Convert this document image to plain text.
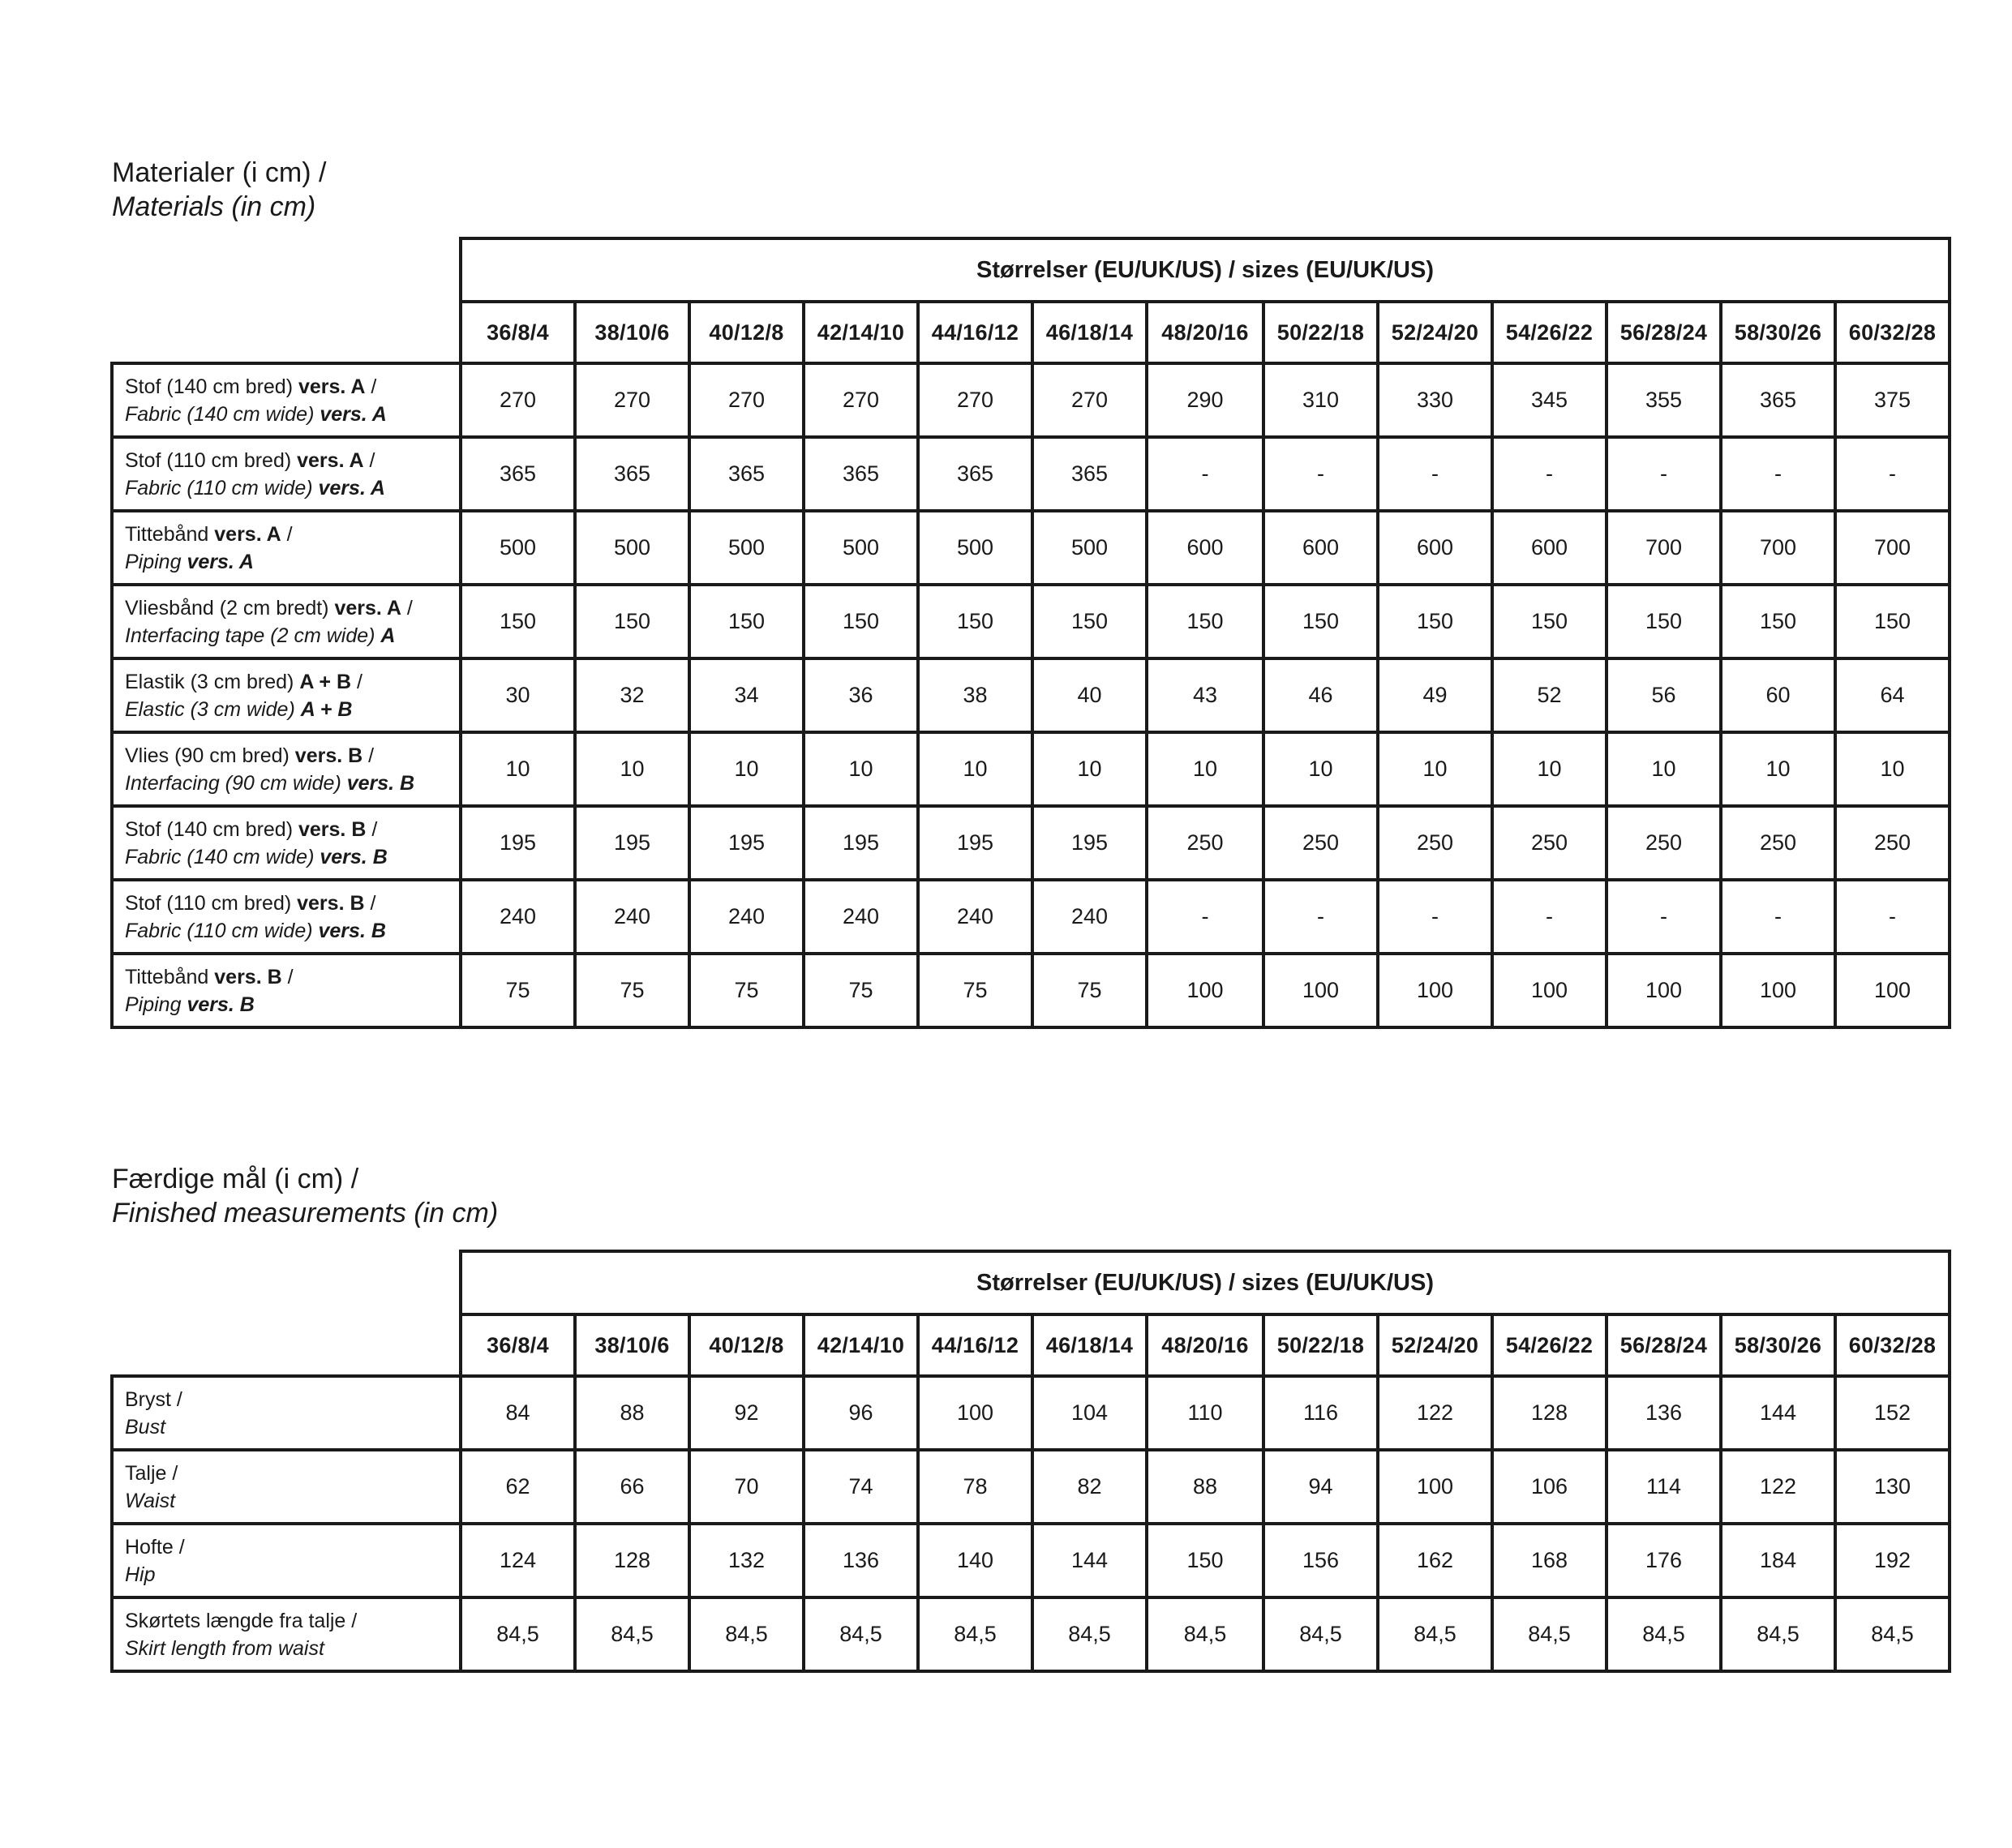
Materialer (i cm) /
Materials (in cm)
	Størrelser (EU/UK/US) / sizes (EU/UK/US)												
	36/8/4	38/10/6	40/12/8	42/14/10	44/16/12	46/18/14	48/20/16	50/22/18	52/24/20	54/26/22	56/28/24	58/30/26	60/32/28
Stof (140 cm bred) vers. A /
Fabric (140 cm wide) vers. A	270	270	270	270	270	270	290	310	330	345	355	365	375
Stof (110 cm bred) vers. A /
Fabric (110 cm wide) vers. A	365	365	365	365	365	365	-	-	-	-	-	-	-
Tittebånd vers. A /
Piping vers. A	500	500	500	500	500	500	600	600	600	600	700	700	700
Vliesbånd (2 cm bredt) vers. A /
Interfacing tape (2 cm wide) A	150	150	150	150	150	150	150	150	150	150	150	150	150
Elastik (3 cm bred) A + B /
Elastic (3 cm wide) A + B	30	32	34	36	38	40	43	46	49	52	56	60	64
Vlies (90 cm bred) vers. B /
Interfacing (90 cm wide) vers. B	10	10	10	10	10	10	10	10	10	10	10	10	10
Stof (140 cm bred) vers. B /
Fabric (140 cm wide) vers. B	195	195	195	195	195	195	250	250	250	250	250	250	250
Stof (110 cm bred) vers. B /
Fabric (110 cm wide) vers. B	240	240	240	240	240	240	-	-	-	-	-	-	-
Tittebånd vers. B /
Piping vers. B	75	75	75	75	75	75	100	100	100	100	100	100	100
Færdige mål (i cm) /
Finished measurements (in cm)
	Størrelser (EU/UK/US) / sizes (EU/UK/US)												
	36/8/4	38/10/6	40/12/8	42/14/10	44/16/12	46/18/14	48/20/16	50/22/18	52/24/20	54/26/22	56/28/24	58/30/26	60/32/28
Bryst /
Bust	84	88	92	96	100	104	110	116	122	128	136	144	152
Talje /
Waist	62	66	70	74	78	82	88	94	100	106	114	122	130
Hofte /
Hip	124	128	132	136	140	144	150	156	162	168	176	184	192
Skørtets længde fra talje /
Skirt length from waist	84,5	84,5	84,5	84,5	84,5	84,5	84,5	84,5	84,5	84,5	84,5	84,5	84,5
